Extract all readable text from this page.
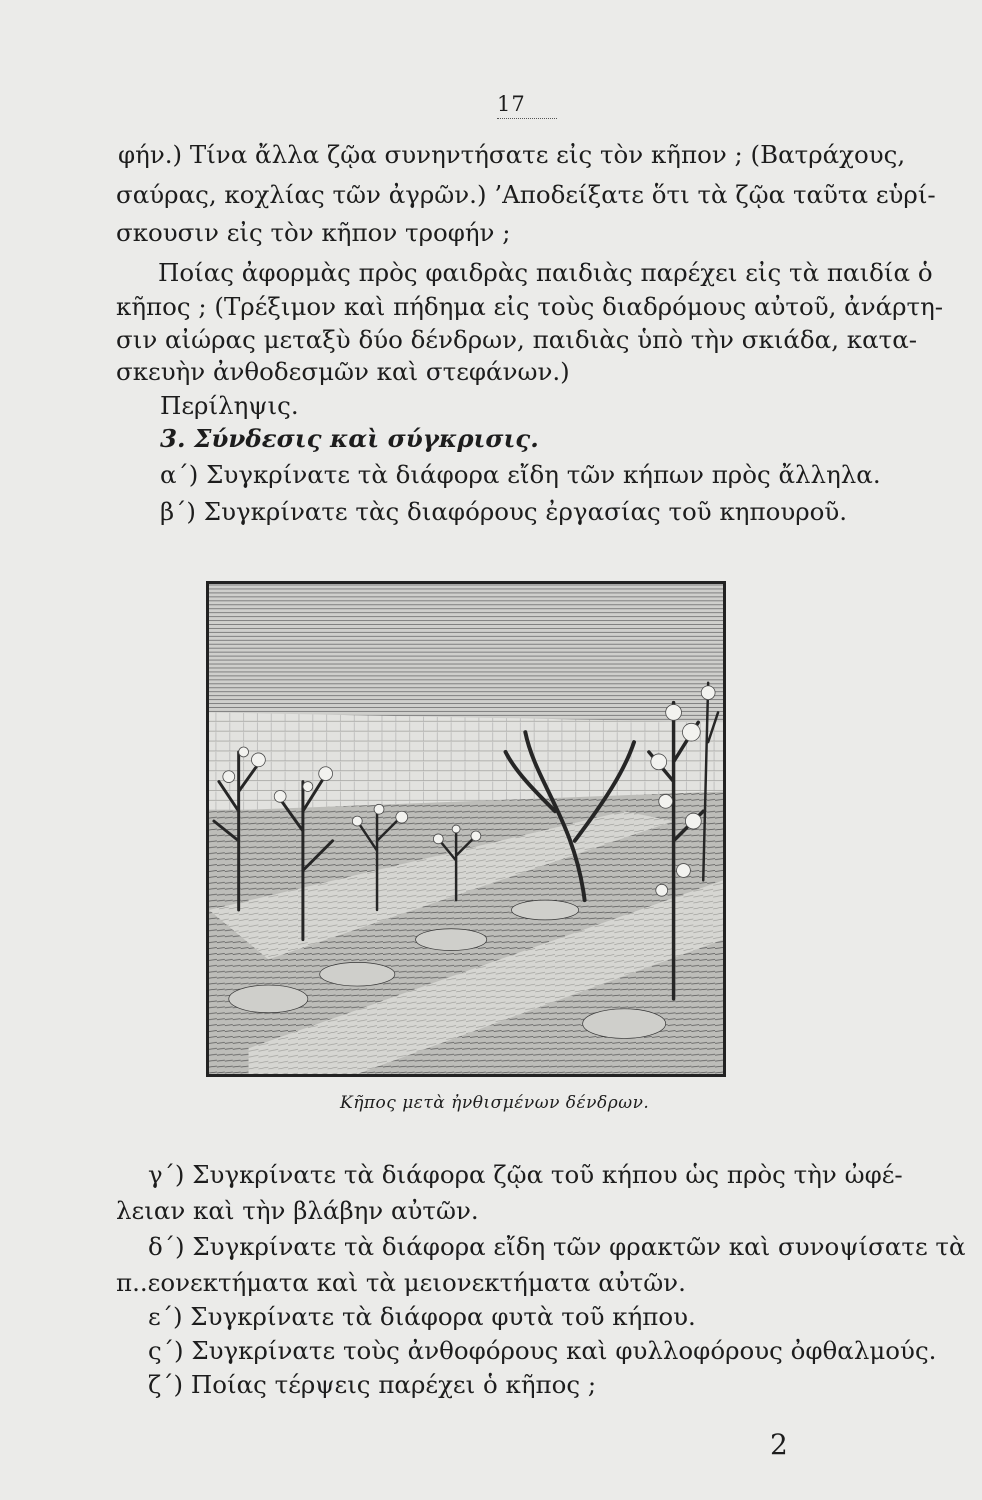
17
φήν.) Τίνα ἄλλα ζῷα συνηντήσατε εἰς τὸν κῆπον ; (Βατράχους,
σαύρας, κοχλίας τῶν ἀγρῶν.) ’Αποδείξατε ὅτι τὰ ζῷα ταῦτα εὑρί-
σκουσιν εἰς τὸν κῆπον τροφήν ;
Ποίας ἀφορμὰς πρὸς φαιδρὰς παιδιὰς παρέχει εἰς τὰ παιδία ὁ
κῆπος ; (Τρέξιμον καὶ πήδημα εἰς τοὺς διαδρόμους αὐτοῦ, ἀνάρτη-
σιν αἰώρας μεταξὺ δύο δένδρων, παιδιὰς ὑπὸ τὴν σκιάδα, κατα-
σκευὴν ἀνθοδεσμῶν καὶ στεφάνων.)
Περίληψις.
3. Σύνδεσις καὶ σύγκρισις.
α΄) Συγκρίνατε τὰ διάφορα εἴδη τῶν κήπων πρὸς ἄλληλα.
β΄) Συγκρίνατε τὰς διαφόρους ἐργασίας τοῦ κηπουροῦ.
Κῆπος μετὰ ἠνθισμένων δένδρων.
γ΄) Συγκρίνατε τὰ διάφορα ζῷα τοῦ κήπου ὡς πρὸς τὴν ὠφέ-
λειαν καὶ τὴν βλάβην αὐτῶν.
δ΄) Συγκρίνατε τὰ διάφορα εἴδη τῶν φρακτῶν καὶ συνοψίσατε τὰ
π..εονεκτήματα καὶ τὰ μειονεκτήματα αὐτῶν.
ε΄) Συγκρίνατε τὰ διάφορα φυτὰ τοῦ κήπου.
ς΄) Συγκρίνατε τοὺς ἀνθοφόρους καὶ φυλλοφόρους ὀφθαλμούς.
ζ΄) Ποίας τέρψεις παρέχει ὁ κῆπος ;
2
